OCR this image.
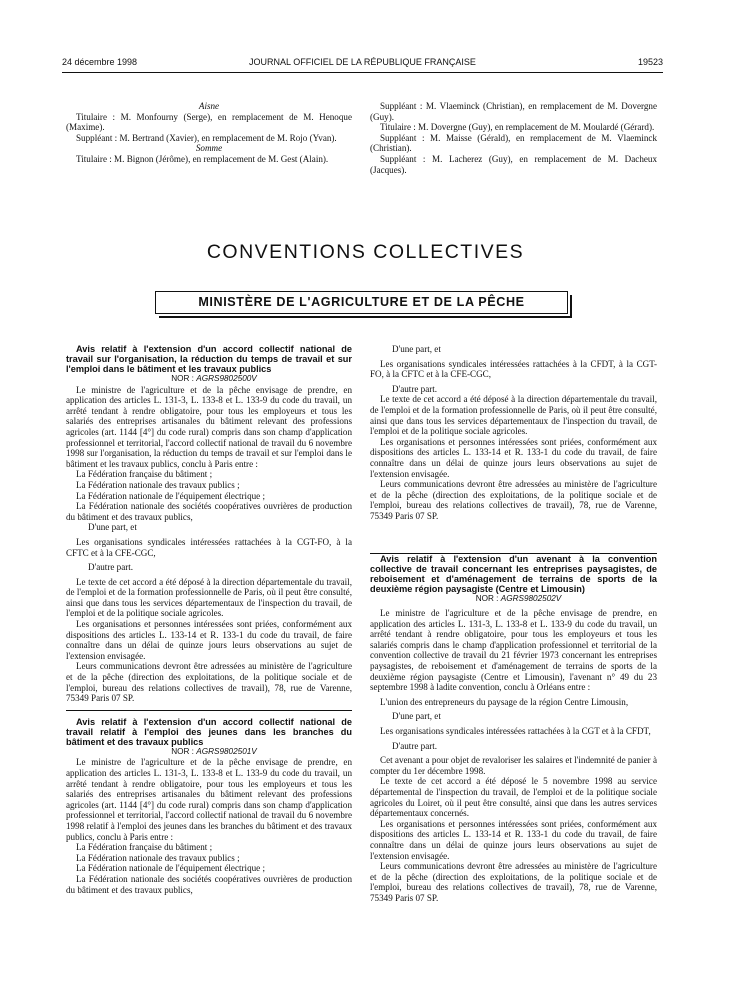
24 décembre 1998	JOURNAL OFFICIEL DE LA RÉPUBLIQUE FRANÇAISE	19523

Aisne

Titulaire : M. Monfourny (Serge), en remplacement de M. Henoque (Maxime).

Suppléant : M. Bertrand (Xavier), en remplacement de M. Rojo (Yvan).

Somme

Titulaire : M. Bignon (Jérôme), en remplacement de M. Gest (Alain).

Suppléant : M. Vlaeminck (Christian), en remplacement de M. Dovergne (Guy).

Titulaire : M. Dovergne (Guy), en remplacement de M. Moulardé (Gérard).

Suppléant : M. Maisse (Gérald), en remplacement de M. Vlaeminck (Christian).

Suppléant : M. Lacherez (Guy), en remplacement de M. Dacheux (Jacques).

CONVENTIONS COLLECTIVES
MINISTÈRE DE L'AGRICULTURE ET DE LA PÊCHE

Avis relatif à l'extension d'un accord collectif national de travail sur l'organisation, la réduction du temps de travail et sur l'emploi dans le bâtiment et les travaux publics

NOR : AGRS9802500V

Le ministre de l'agriculture et de la pêche envisage de prendre, en application des articles L. 131-3, L. 133-8 et L. 133-9 du code du travail, un arrêté tendant à rendre obligatoire, pour tous les employeurs et tous les salariés des entreprises artisanales du bâtiment relevant des professions agricoles (art. 1144 [4°] du code rural) compris dans son champ d'application professionnel et territorial, l'accord collectif national de travail du 6 novembre 1998 sur l'organisation, la réduction du temps de travail et sur l'emploi dans le bâtiment et les travaux publics, conclu à Paris entre :

La Fédération française du bâtiment ;

La Fédération nationale des travaux publics ;

La Fédération nationale de l'équipement électrique ;

La Fédération nationale des sociétés coopératives ouvrières de production du bâtiment et des travaux publics,

D'une part, et

Les organisations syndicales intéressées rattachées à la CGT-FO, à la CFTC et à la CFE-CGC,

D'autre part.

Le texte de cet accord a été déposé à la direction départementale du travail, de l'emploi et de la formation professionnelle de Paris, où il peut être consulté, ainsi que dans tous les services départementaux de l'inspection du travail, de l'emploi et de la politique sociale agricoles.

Les organisations et personnes intéressées sont priées, conformément aux dispositions des articles L. 133-14 et R. 133-1 du code du travail, de faire connaître dans un délai de quinze jours leurs observations au sujet de l'extension envisagée.

Leurs communications devront être adressées au ministère de l'agriculture et de la pêche (direction des exploitations, de la politique sociale et de l'emploi, bureau des relations collectives de travail), 78, rue de Varenne, 75349 Paris 07 SP.

Avis relatif à l'extension d'un accord collectif national de travail relatif à l'emploi des jeunes dans les branches du bâtiment et des travaux publics

NOR : AGRS9802501V

Le ministre de l'agriculture et de la pêche envisage de prendre, en application des articles L. 131-3, L. 133-8 et L. 133-9 du code du travail, un arrêté tendant à rendre obligatoire, pour tous les employeurs et tous les salariés des entreprises artisanales du bâtiment relevant des professions agricoles (art. 1144 [4°] du code rural) compris dans son champ d'application professionnel et territorial, l'accord collectif national de travail du 6 novembre 1998 relatif à l'emploi des jeunes dans les branches du bâtiment et des travaux publics, conclu à Paris entre :

La Fédération française du bâtiment ;

La Fédération nationale des travaux publics ;

La Fédération nationale de l'équipement électrique ;

La Fédération nationale des sociétés coopératives ouvrières de production du bâtiment et des travaux publics,

D'une part, et

Les organisations syndicales intéressées rattachées à la CFDT, à la CGT-FO, à la CFTC et à la CFE-CGC,

D'autre part.

Le texte de cet accord a été déposé à la direction départementale du travail, de l'emploi et de la formation professionnelle de Paris, où il peut être consulté, ainsi que dans tous les services départementaux de l'inspection du travail, de l'emploi et de la politique sociale agricoles.

Les organisations et personnes intéressées sont priées, conformément aux dispositions des articles L. 133-14 et R. 133-1 du code du travail, de faire connaître dans un délai de quinze jours leurs observations au sujet de l'extension envisagée.

Leurs communications devront être adressées au ministère de l'agriculture et de la pêche (direction des exploitations, de la politique sociale et de l'emploi, bureau des relations collectives de travail), 78, rue de Varenne, 75349 Paris 07 SP.

Avis relatif à l'extension d'un avenant à la convention collective de travail concernant les entreprises paysagistes, de reboisement et d'aménagement de terrains de sports de la deuxième région paysagiste (Centre et Limousin)

NOR : AGRS9802502V

Le ministre de l'agriculture et de la pêche envisage de prendre, en application des articles L. 131-3, L. 133-8 et L. 133-9 du code du travail, un arrêté tendant à rendre obligatoire, pour tous les employeurs et tous les salariés compris dans le champ d'application professionnel et territorial de la convention collective de travail du 21 février 1973 concernant les entreprises paysagistes, de reboisement et d'aménagement de terrains de sports de la deuxième région paysagiste (Centre et Limousin), l'avenant n° 49 du 23 septembre 1998 à ladite convention, conclu à Orléans entre :

L'union des entrepreneurs du paysage de la région Centre Limousin,

D'une part, et

Les organisations syndicales intéressées rattachées à la CGT et à la CFDT,

D'autre part.

Cet avenant a pour objet de revaloriser les salaires et l'indemnité de panier à compter du 1er décembre 1998.

Le texte de cet accord a été déposé le 5 novembre 1998 au service départemental de l'inspection du travail, de l'emploi et de la politique sociale agricoles du Loiret, où il peut être consulté, ainsi que dans les autres services départementaux concernés.

Les organisations et personnes intéressées sont priées, conformément aux dispositions des articles L. 133-14 et R. 133-1 du code du travail, de faire connaître dans un délai de quinze jours leurs observations au sujet de l'extension envisagée.

Leurs communications devront être adressées au ministère de l'agriculture et de la pêche (direction des exploitations, de la politique sociale et de l'emploi, bureau des relations collectives de travail), 78, rue de Varenne, 75349 Paris 07 SP.
